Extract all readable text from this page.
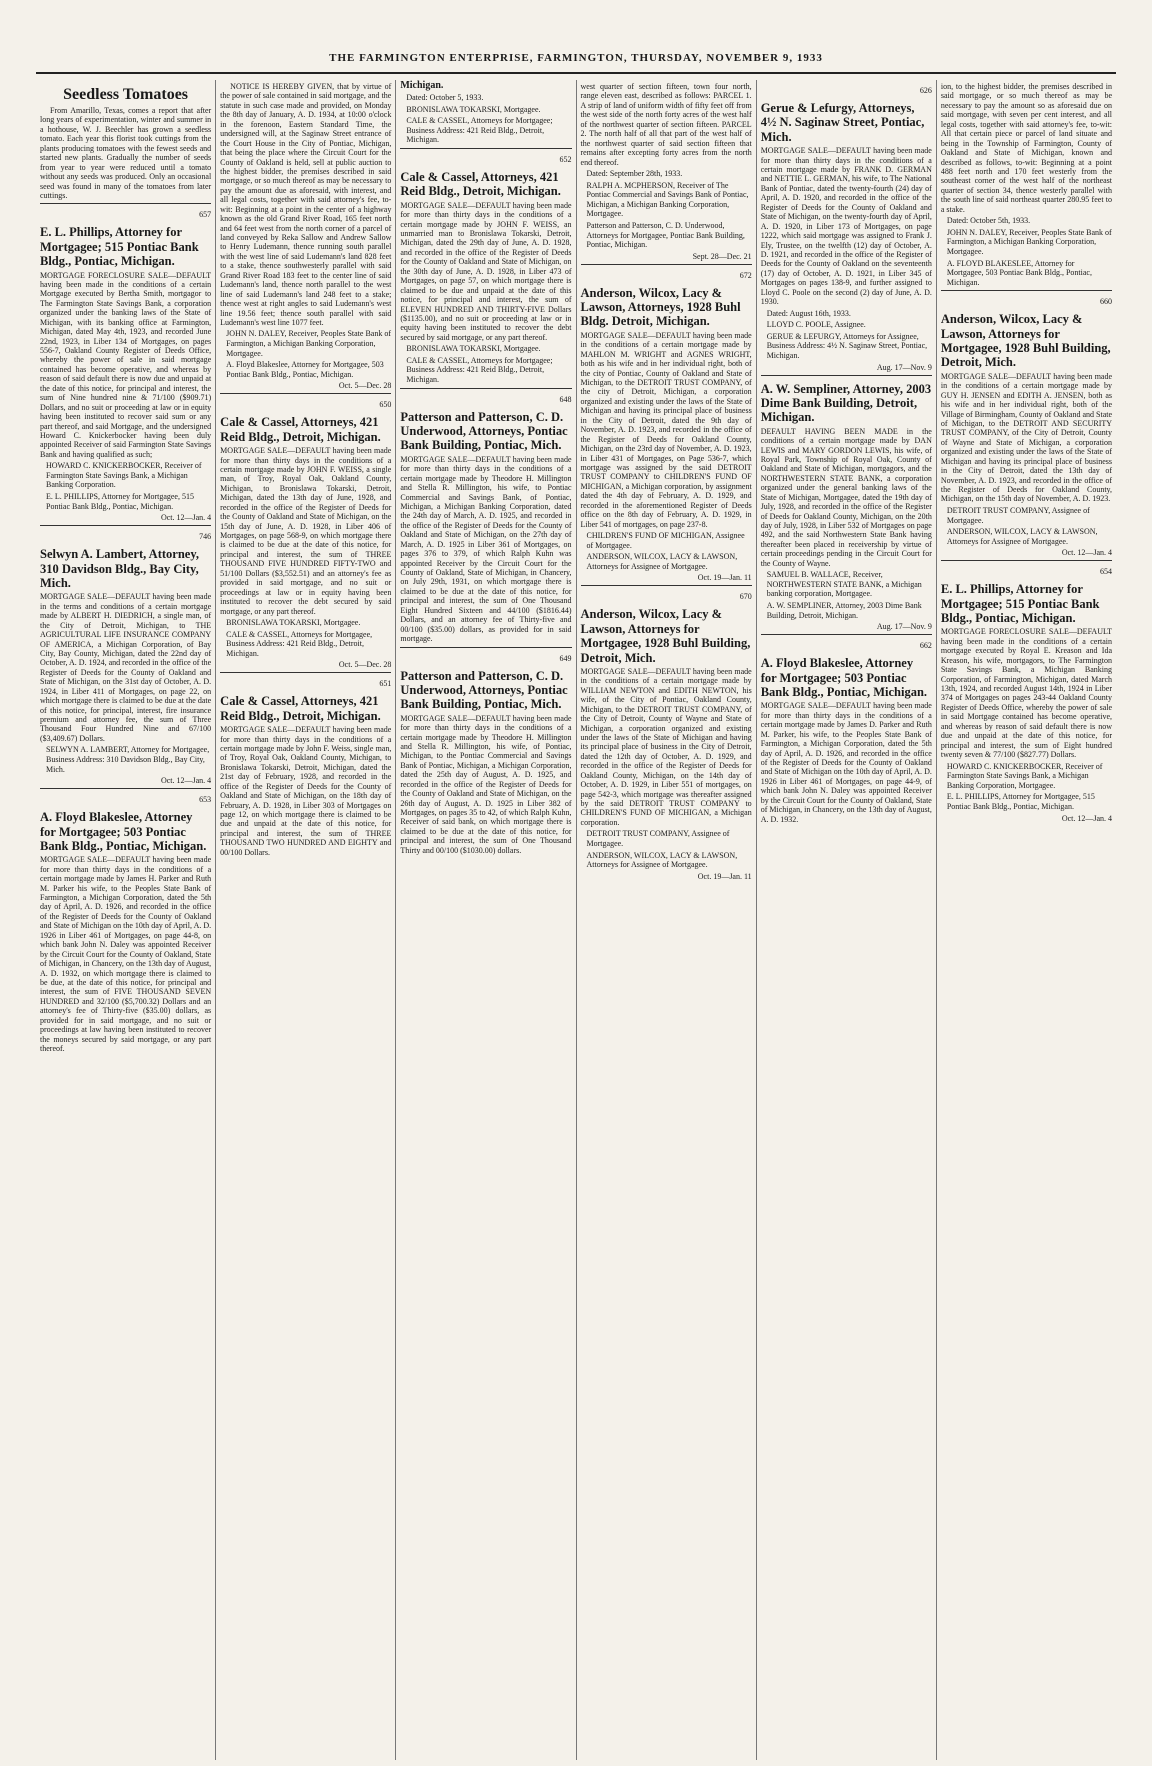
THE FARMINGTON ENTERPRISE, FARMINGTON, THURSDAY, NOVEMBER 9, 1933
Seedless Tomatoes

From Amarillo, Texas, comes a report that after long years of experimentation, winter and summer in a hothouse, W. J. Beechler has grown a seedless tomato. Each year this florist took cuttings from the plants producing tomatoes with the fewest seeds and started new plants. Gradually the number of seeds from year to year were reduced until a tomato without any seeds was produced. Only an occasional seed was found in many of the tomatoes from later cuttings.

657

E. L. Phillips, Attorney for Mortgagee; 515 Pontiac Bank Bldg., Pontiac, Michigan.

MORTGAGE FORECLOSURE SALE—DEFAULT having been made in the conditions of a certain Mortgage executed by Bertha Smith, mortgagor to The Farmington State Savings Bank, a corporation organized under the banking laws of the State of Michigan, with its banking office at Farmington, Michigan, dated May 4th, 1923, and recorded June 22nd, 1923, in Liber 134 of Mortgages, on pages 556-7, Oakland County Register of Deeds Office, whereby the power of sale in said mortgage contained has become operative, and whereas by reason of said default there is now due and unpaid at the date of this notice, for principal and interest, the sum of Nine hundred nine & 71/100 ($909.71) Dollars, and no suit or proceeding at law or in equity having been instituted to recover said sum or any part thereof, and said Mortgage, and the undersigned Howard C. Knickerbocker having been duly appointed Receiver of said Farmington State Savings Bank and having qualified as such;

HOWARD C. KNICKERBOCKER, Receiver of Farmington State Savings Bank, a Michigan Banking Corporation.

E. L. PHILLIPS, Attorney for Mortgagee, 515 Pontiac Bank Bldg., Pontiac, Michigan.

Oct. 12—Jan. 4

746

Selwyn A. Lambert, Attorney, 310 Davidson Bldg., Bay City, Mich.

MORTGAGE SALE—DEFAULT having been made in the terms and conditions of a certain mortgage made by ALBERT H. DIEDRICH, a single man, of the City of Detroit, Michigan, to THE AGRICULTURAL LIFE INSURANCE COMPANY OF AMERICA, a Michigan Corporation, of Bay City, Bay County, Michigan, dated the 22nd day of October, A. D. 1924, and recorded in the office of the Register of Deeds for the County of Oakland and State of Michigan, on the 31st day of October, A. D. 1924, in Liber 411 of Mortgages, on page 22, on which mortgage there is claimed to be due at the date of this notice, for principal, interest, fire insurance premium and attorney fee, the sum of Three Thousand Four Hundred Nine and 67/100 ($3,409.67) Dollars.

SELWYN A. LAMBERT, Attorney for Mortgagee, Business Address: 310 Davidson Bldg., Bay City, Mich.

Oct. 12—Jan. 4

653

A. Floyd Blakeslee, Attorney for Mortgagee; 503 Pontiac Bank Bldg., Pontiac, Michigan.

MORTGAGE SALE—DEFAULT having been made for more than thirty days in the conditions of a certain mortgage made by James H. Parker and Ruth M. Parker his wife, to the Peoples State Bank of Farmington, a Michigan Corporation, dated the 5th day of April, A. D. 1926, and recorded in the office of the Register of Deeds for the County of Oakland and State of Michigan on the 10th day of April, A. D. 1926 in Liber 461 of Mortgages, on page 44-8, on which bank John N. Daley was appointed Receiver by the Circuit Court for the County of Oakland, State of Michigan, in Chancery, on the 13th day of August, A. D. 1932, on which mortgage there is claimed to be due, at the date of this notice, for principal and interest, the sum of FIVE THOUSAND SEVEN HUNDRED and 32/100 ($5,700.32) Dollars and an attorney's fee of Thirty-five ($35.00) dollars, as provided for in said mortgage, and no suit or proceedings at law having been instituted to recover the moneys secured by said mortgage, or any part thereof.

NOTICE IS HEREBY GIVEN, that by virtue of the power of sale contained in said mortgage, and the statute in such case made and provided, on Monday the 8th day of January, A. D. 1934, at 10:00 o'clock in the forenoon, Eastern Standard Time, the undersigned will, at the Saginaw Street entrance of the Court House in the City of Pontiac, Michigan, that being the place where the Circuit Court for the County of Oakland is held, sell at public auction to the highest bidder, the premises described in said mortgage, or so much thereof as may be necessary to pay the amount due as aforesaid, with interest, and all legal costs, together with said attorney's fee, to-wit: Beginning at a point in the center of a highway known as the old Grand River Road, 165 feet north and 64 feet west from the north corner of a parcel of land conveyed by Reka Sallow and Andrew Sallow to Henry Ludemann, thence running south parallel with the west line of said Ludemann's land 828 feet to a stake, thence southwesterly parallel with said Grand River Road 183 feet to the center line of said Ludemann's land, thence north parallel to the west line of said Ludemann's land 248 feet to a stake; thence west at right angles to said Ludemann's west line 19.56 feet; thence south parallel with said Ludemann's west line 1077 feet.

JOHN N. DALEY, Receiver, Peoples State Bank of Farmington, a Michigan Banking Corporation, Mortgagee.

A. Floyd Blakeslee, Attorney for Mortgagee, 503 Pontiac Bank Bldg., Pontiac, Michigan.

Oct. 5—Dec. 28

650

Cale & Cassel, Attorneys, 421 Reid Bldg., Detroit, Michigan.

MORTGAGE SALE—DEFAULT having been made for more than thirty days in the conditions of a certain mortgage made by JOHN F. WEISS, a single man, of Troy, Royal Oak, Oakland County, Michigan, to Bronislawa Tokarski, Detroit, Michigan, dated the 13th day of June, 1928, and recorded in the office of the Register of Deeds for the County of Oakland and State of Michigan, on the 15th day of June, A. D. 1928, in Liber 406 of Mortgages, on page 568-9, on which mortgage there is claimed to be due at the date of this notice, for principal and interest, the sum of THREE THOUSAND FIVE HUNDRED FIFTY-TWO and 51/100 Dollars ($3,552.51) and an attorney's fee as provided in said mortgage, and no suit or proceedings at law or in equity having been instituted to recover the debt secured by said mortgage, or any part thereof.

BRONISLAWA TOKARSKI, Mortgagee.

CALE & CASSEL, Attorneys for Mortgagee, Business Address: 421 Reid Bldg., Detroit, Michigan.

Oct. 5—Dec. 28

651

Cale & Cassel, Attorneys, 421 Reid Bldg., Detroit, Michigan.

MORTGAGE SALE—DEFAULT having been made for more than thirty days in the conditions of a certain mortgage made by John F. Weiss, single man, of Troy, Royal Oak, Oakland County, Michigan, to Bronislawa Tokarski, Detroit, Michigan, dated the 21st day of February, 1928, and recorded in the office of the Register of Deeds for the County of Oakland and State of Michigan, on the 18th day of February, A. D. 1928, in Liber 303 of Mortgages on page 12, on which mortgage there is claimed to be due and unpaid at the date of this notice, for principal and interest, the sum of THREE THOUSAND TWO HUNDRED AND EIGHTY and 00/100 Dollars.

Michigan.

Dated: October 5, 1933.

BRONISLAWA TOKARSKI, Mortgagee.

CALE & CASSEL, Attorneys for Mortgagee; Business Address: 421 Reid Bldg., Detroit, Michigan.

652

Cale & Cassel, Attorneys, 421 Reid Bldg., Detroit, Michigan.

MORTGAGE SALE—DEFAULT having been made for more than thirty days in the conditions of a certain mortgage made by JOHN F. WEISS, an unmarried man to Bronislawa Tokarski, Detroit, Michigan, dated the 29th day of June, A. D. 1928, and recorded in the office of the Register of Deeds for the County of Oakland and State of Michigan, on the 30th day of June, A. D. 1928, in Liber 473 of Mortgages, on page 57, on which mortgage there is claimed to be due and unpaid at the date of this notice, for principal and interest, the sum of ELEVEN HUNDRED AND THIRTY-FIVE Dollars ($1135.00), and no suit or proceeding at law or in equity having been instituted to recover the debt secured by said mortgage, or any part thereof.

BRONISLAWA TOKARSKI, Mortgagee.

CALE & CASSEL, Attorneys for Mortgagee; Business Address: 421 Reid Bldg., Detroit, Michigan.

648

Patterson and Patterson, C. D. Underwood, Attorneys, Pontiac Bank Building, Pontiac, Mich.

MORTGAGE SALE—DEFAULT having been made for more than thirty days in the conditions of a certain mortgage made by Theodore H. Millington and Stella R. Millington, his wife, to Pontiac Commercial and Savings Bank, of Pontiac, Michigan, a Michigan Banking Corporation, dated the 24th day of March, A. D. 1925, and recorded in the office of the Register of Deeds for the County of Oakland and State of Michigan, on the 27th day of March, A. D. 1925 in Liber 361 of Mortgages, on pages 376 to 379, of which Ralph Kuhn was appointed Receiver by the Circuit Court for the County of Oakland, State of Michigan, in Chancery, on July 29th, 1931, on which mortgage there is claimed to be due at the date of this notice, for principal and interest, the sum of One Thousand Eight Hundred Sixteen and 44/100 ($1816.44) Dollars, and an attorney fee of Thirty-five and 00/100 ($35.00) dollars, as provided for in said mortgage.

649

Patterson and Patterson, C. D. Underwood, Attorneys, Pontiac Bank Building, Pontiac, Mich.

MORTGAGE SALE—DEFAULT having been made for more than thirty days in the conditions of a certain mortgage made by Theodore H. Millington and Stella R. Millington, his wife, of Pontiac, Michigan, to the Pontiac Commercial and Savings Bank of Pontiac, Michigan, a Michigan Corporation, dated the 25th day of August, A. D. 1925, and recorded in the office of the Register of Deeds for the County of Oakland and State of Michigan, on the 26th day of August, A. D. 1925 in Liber 382 of Mortgages, on pages 35 to 42, of which Ralph Kuhn, Receiver of said bank, on which mortgage there is claimed to be due at the date of this notice, for principal and interest, the sum of One Thousand Thirty and 00/100 ($1030.00) dollars.

west quarter of section fifteen, town four north, range eleven east, described as follows: PARCEL 1. A strip of land of uniform width of fifty feet off from the west side of the north forty acres of the west half of the northwest quarter of section fifteen. PARCEL 2. The north half of all that part of the west half of the northwest quarter of said section fifteen that remains after excepting forty acres from the north end thereof.

Dated: September 28th, 1933.

RALPH A. MCPHERSON, Receiver of The Pontiac Commercial and Savings Bank of Pontiac, Michigan, a Michigan Banking Corporation, Mortgagee.

Patterson and Patterson, C. D. Underwood, Attorneys for Mortgagee, Pontiac Bank Building, Pontiac, Michigan.

Sept. 28—Dec. 21

672

Anderson, Wilcox, Lacy & Lawson, Attorneys, 1928 Buhl Bldg. Detroit, Michigan.

MORTGAGE SALE—DEFAULT having been made in the conditions of a certain mortgage made by MAHLON M. WRIGHT and AGNES WRIGHT, both as his wife and in her individual right, both of the city of Pontiac, County of Oakland and State of Michigan, to the DETROIT TRUST COMPANY, of the city of Detroit, Michigan, a corporation organized and existing under the laws of the State of Michigan and having its principal place of business in the City of Detroit, dated the 9th day of November, A. D. 1923, and recorded in the office of the Register of Deeds for Oakland County, Michigan, on the 23rd day of November, A. D. 1923, in Liber 431 of Mortgages, on Page 536-7, which mortgage was assigned by the said DETROIT TRUST COMPANY to CHILDREN'S FUND OF MICHIGAN, a Michigan corporation, by assignment dated the 4th day of February, A. D. 1929, and recorded in the aforementioned Register of Deeds office on the 8th day of February, A. D. 1929, in Liber 541 of mortgages, on page 237-8.

CHILDREN'S FUND OF MICHIGAN, Assignee of Mortgagee.

ANDERSON, WILCOX, LACY & LAWSON, Attorneys for Assignee of Mortgagee.

Oct. 19—Jan. 11

670

Anderson, Wilcox, Lacy & Lawson, Attorneys for Mortgagee, 1928 Buhl Building, Detroit, Mich.

MORTGAGE SALE—DEFAULT having been made in the conditions of a certain mortgage made by WILLIAM NEWTON and EDITH NEWTON, his wife, of the City of Pontiac, Oakland County, Michigan, to the DETROIT TRUST COMPANY, of the City of Detroit, County of Wayne and State of Michigan, a corporation organized and existing under the laws of the State of Michigan and having its principal place of business in the City of Detroit, dated the 12th day of October, A. D. 1929, and recorded in the office of the Register of Deeds for Oakland County, Michigan, on the 14th day of October, A. D. 1929, in Liber 551 of mortgages, on page 542-3, which mortgage was thereafter assigned by the said DETROIT TRUST COMPANY to CHILDREN'S FUND OF MICHIGAN, a Michigan corporation.

DETROIT TRUST COMPANY, Assignee of Mortgagee.

ANDERSON, WILCOX, LACY & LAWSON, Attorneys for Assignee of Mortgagee.

Oct. 19—Jan. 11

626

Gerue & Lefurgy, Attorneys, 4½ N. Saginaw Street, Pontiac, Mich.

MORTGAGE SALE—DEFAULT having been made for more than thirty days in the conditions of a certain mortgage made by FRANK D. GERMAN and NETTIE L. GERMAN, his wife, to The National Bank of Pontiac, dated the twenty-fourth (24) day of April, A. D. 1920, and recorded in the office of the Register of Deeds for the County of Oakland and State of Michigan, on the twenty-fourth day of April, A. D. 1920, in Liber 173 of Mortgages, on page 1222, which said mortgage was assigned to Frank J. Ely, Trustee, on the twelfth (12) day of October, A. D. 1921, and recorded in the office of the Register of Deeds for the County of Oakland on the seventeenth (17) day of October, A. D. 1921, in Liber 345 of Mortgages on pages 138-9, and further assigned to Lloyd C. Poole on the second (2) day of June, A. D. 1930.

Dated: August 16th, 1933.

LLOYD C. POOLE, Assignee.

GERUE & LEFURGY, Attorneys for Assignee, Business Address: 4½ N. Saginaw Street, Pontiac, Michigan.

Aug. 17—Nov. 9

A. W. Sempliner, Attorney, 2003 Dime Bank Building, Detroit, Michigan.

DEFAULT HAVING BEEN MADE in the conditions of a certain mortgage made by DAN LEWIS and MARY GORDON LEWIS, his wife, of Royal Park, Township of Royal Oak, County of Oakland and State of Michigan, mortgagors, and the NORTHWESTERN STATE BANK, a corporation organized under the general banking laws of the State of Michigan, Mortgagee, dated the 19th day of July, 1928, and recorded in the office of the Register of Deeds for Oakland County, Michigan, on the 20th day of July, 1928, in Liber 532 of Mortgages on page 492, and the said Northwestern State Bank having thereafter been placed in receivership by virtue of certain proceedings pending in the Circuit Court for the County of Wayne.

SAMUEL B. WALLACE, Receiver, NORTHWESTERN STATE BANK, a Michigan banking corporation, Mortgagee.

A. W. SEMPLINER, Attorney, 2003 Dime Bank Building, Detroit, Michigan.

Aug. 17—Nov. 9

662

A. Floyd Blakeslee, Attorney for Mortgagee; 503 Pontiac Bank Bldg., Pontiac, Michigan.

MORTGAGE SALE—DEFAULT having been made for more than thirty days in the conditions of a certain mortgage made by James D. Parker and Ruth M. Parker, his wife, to the Peoples State Bank of Farmington, a Michigan Corporation, dated the 5th day of April, A. D. 1926, and recorded in the office of the Register of Deeds for the County of Oakland and State of Michigan on the 10th day of April, A. D. 1926 in Liber 461 of Mortgages, on page 44-9, of which bank John N. Daley was appointed Receiver by the Circuit Court for the County of Oakland, State of Michigan, in Chancery, on the 13th day of August, A. D. 1932.

ion, to the highest bidder, the premises described in said mortgage, or so much thereof as may be necessary to pay the amount so as aforesaid due on said mortgage, with seven per cent interest, and all legal costs, together with said attorney's fee, to-wit: All that certain piece or parcel of land situate and being in the Township of Farmington, County of Oakland and State of Michigan, known and described as follows, to-wit: Beginning at a point 488 feet north and 170 feet westerly from the southeast corner of the west half of the northeast quarter of section 34, thence westerly parallel with the south line of said northeast quarter 280.95 feet to a stake.

Dated: October 5th, 1933.

JOHN N. DALEY, Receiver, Peoples State Bank of Farmington, a Michigan Banking Corporation, Mortgagee.

A. FLOYD BLAKESLEE, Attorney for Mortgagee, 503 Pontiac Bank Bldg., Pontiac, Michigan.

660

Anderson, Wilcox, Lacy & Lawson, Attorneys for Mortgagee, 1928 Buhl Building, Detroit, Mich.

MORTGAGE SALE—DEFAULT having been made in the conditions of a certain mortgage made by GUY H. JENSEN and EDITH A. JENSEN, both as his wife and in her individual right, both of the Village of Birmingham, County of Oakland and State of Michigan, to the DETROIT AND SECURITY TRUST COMPANY, of the City of Detroit, County of Wayne and State of Michigan, a corporation organized and existing under the laws of the State of Michigan and having its principal place of business in the City of Detroit, dated the 13th day of November, A. D. 1923, and recorded in the office of the Register of Deeds for Oakland County, Michigan, on the 15th day of November, A. D. 1923.

DETROIT TRUST COMPANY, Assignee of Mortgagee.

ANDERSON, WILCOX, LACY & LAWSON, Attorneys for Assignee of Mortgagee.

Oct. 12—Jan. 4

654

E. L. Phillips, Attorney for Mortgagee; 515 Pontiac Bank Bldg., Pontiac, Michigan.

MORTGAGE FORECLOSURE SALE—DEFAULT having been made in the conditions of a certain mortgage executed by Royal E. Kreason and Ida Kreason, his wife, mortgagors, to The Farmington State Savings Bank, a Michigan Banking Corporation, of Farmington, Michigan, dated March 13th, 1924, and recorded August 14th, 1924 in Liber 374 of Mortgages on pages 243-44 Oakland County Register of Deeds Office, whereby the power of sale in said Mortgage contained has become operative, and whereas by reason of said default there is now due and unpaid at the date of this notice, for principal and interest, the sum of Eight hundred twenty seven & 77/100 ($827.77) Dollars.

HOWARD C. KNICKERBOCKER, Receiver of Farmington State Savings Bank, a Michigan Banking Corporation, Mortgagee.

E. L. PHILLIPS, Attorney for Mortgagee, 515 Pontiac Bank Bldg., Pontiac, Michigan.

Oct. 12—Jan. 4
